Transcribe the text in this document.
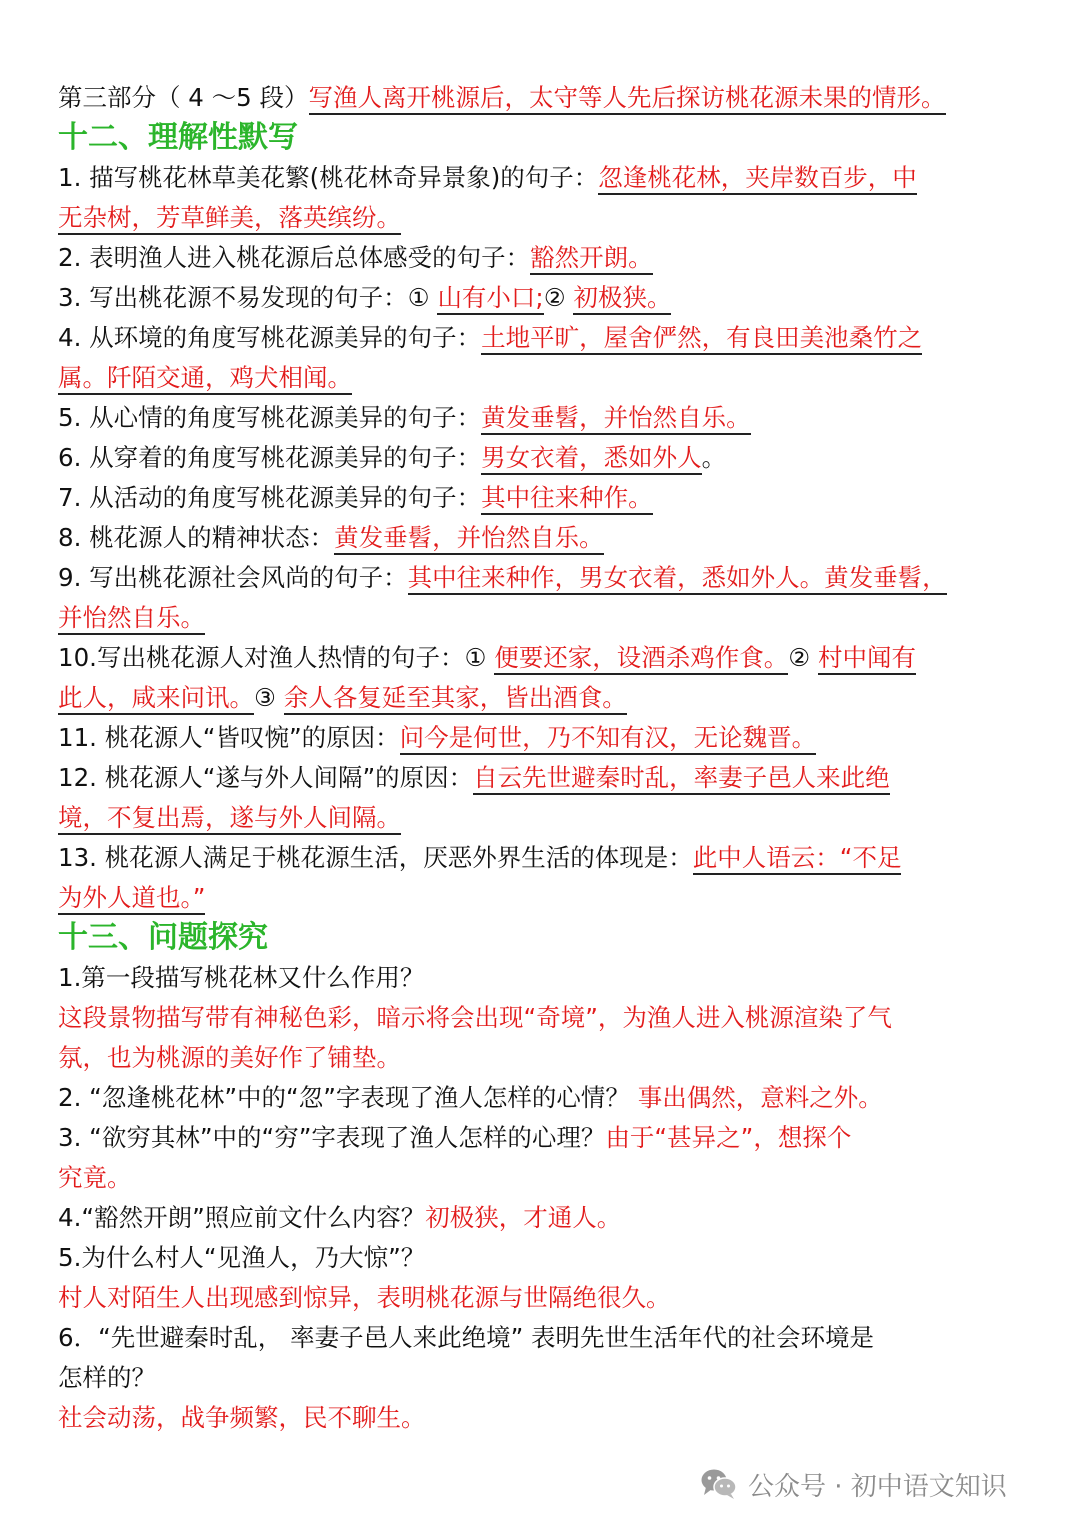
第三部分（ 4 ～5 段）写渔人离开桃源后，太守等人先后探访桃花源未果的情形。
十二、理解性默写
1. 描写桃花林草美花繁(桃花林奇异景象)的句子：忽逢桃花林，夹岸数百步，中
无杂树，芳草鲜美，落英缤纷。
2. 表明渔人进入桃花源后总体感受的句子：豁然开朗。
3. 写出桃花源不易发现的句子：① 山有小口;② 初极狭。
4. 从环境的角度写桃花源美异的句子：土地平旷，屋舍俨然，有良田美池桑竹之
属。阡陌交通，鸡犬相闻。
5. 从心情的角度写桃花源美异的句子：黄发垂髫，并怡然自乐。
6. 从穿着的角度写桃花源美异的句子：男女衣着，悉如外人。
7. 从活动的角度写桃花源美异的句子：其中往来种作。
8. 桃花源人的精神状态：黄发垂髫，并怡然自乐。
9. 写出桃花源社会风尚的句子：其中往来种作，男女衣着，悉如外人。黄发垂髫，
并怡然自乐。
10.写出桃花源人对渔人热情的句子：① 便要还家，设酒杀鸡作食。② 村中闻有
此人，咸来问讯。③ 余人各复延至其家，皆出酒食。
11. 桃花源人“皆叹惋”的原因：问今是何世，乃不知有汉，无论魏晋。
12. 桃花源人“遂与外人间隔”的原因：自云先世避秦时乱，率妻子邑人来此绝
境，不复出焉，遂与外人间隔。
13. 桃花源人满足于桃花源生活，厌恶外界生活的体现是：此中人语云：“不足
为外人道也。”
十三、问题探究
1.第一段描写桃花林又什么作用？
这段景物描写带有神秘色彩，暗示将会出现“奇境”，为渔人进入桃源渲染了气
氛，也为桃源的美好作了铺垫。
2. “忽逢桃花林”中的“忽”字表现了渔人怎样的心情？ 事出偶然，意料之外。
3. “欲穷其林”中的“穷”字表现了渔人怎样的心理？由于“甚异之”，想探个
究竟。
4.“豁然开朗”照应前文什么内容？初极狭，才通人。
5.为什么村人“见渔人，乃大惊”？
村人对陌生人出现感到惊异，表明桃花源与世隔绝很久。
6．“先世避秦时乱， 率妻子邑人来此绝境” 表明先世生活年代的社会环境是
怎样的？
社会动荡，战争频繁，民不聊生。
公众号 · 初中语文知识
